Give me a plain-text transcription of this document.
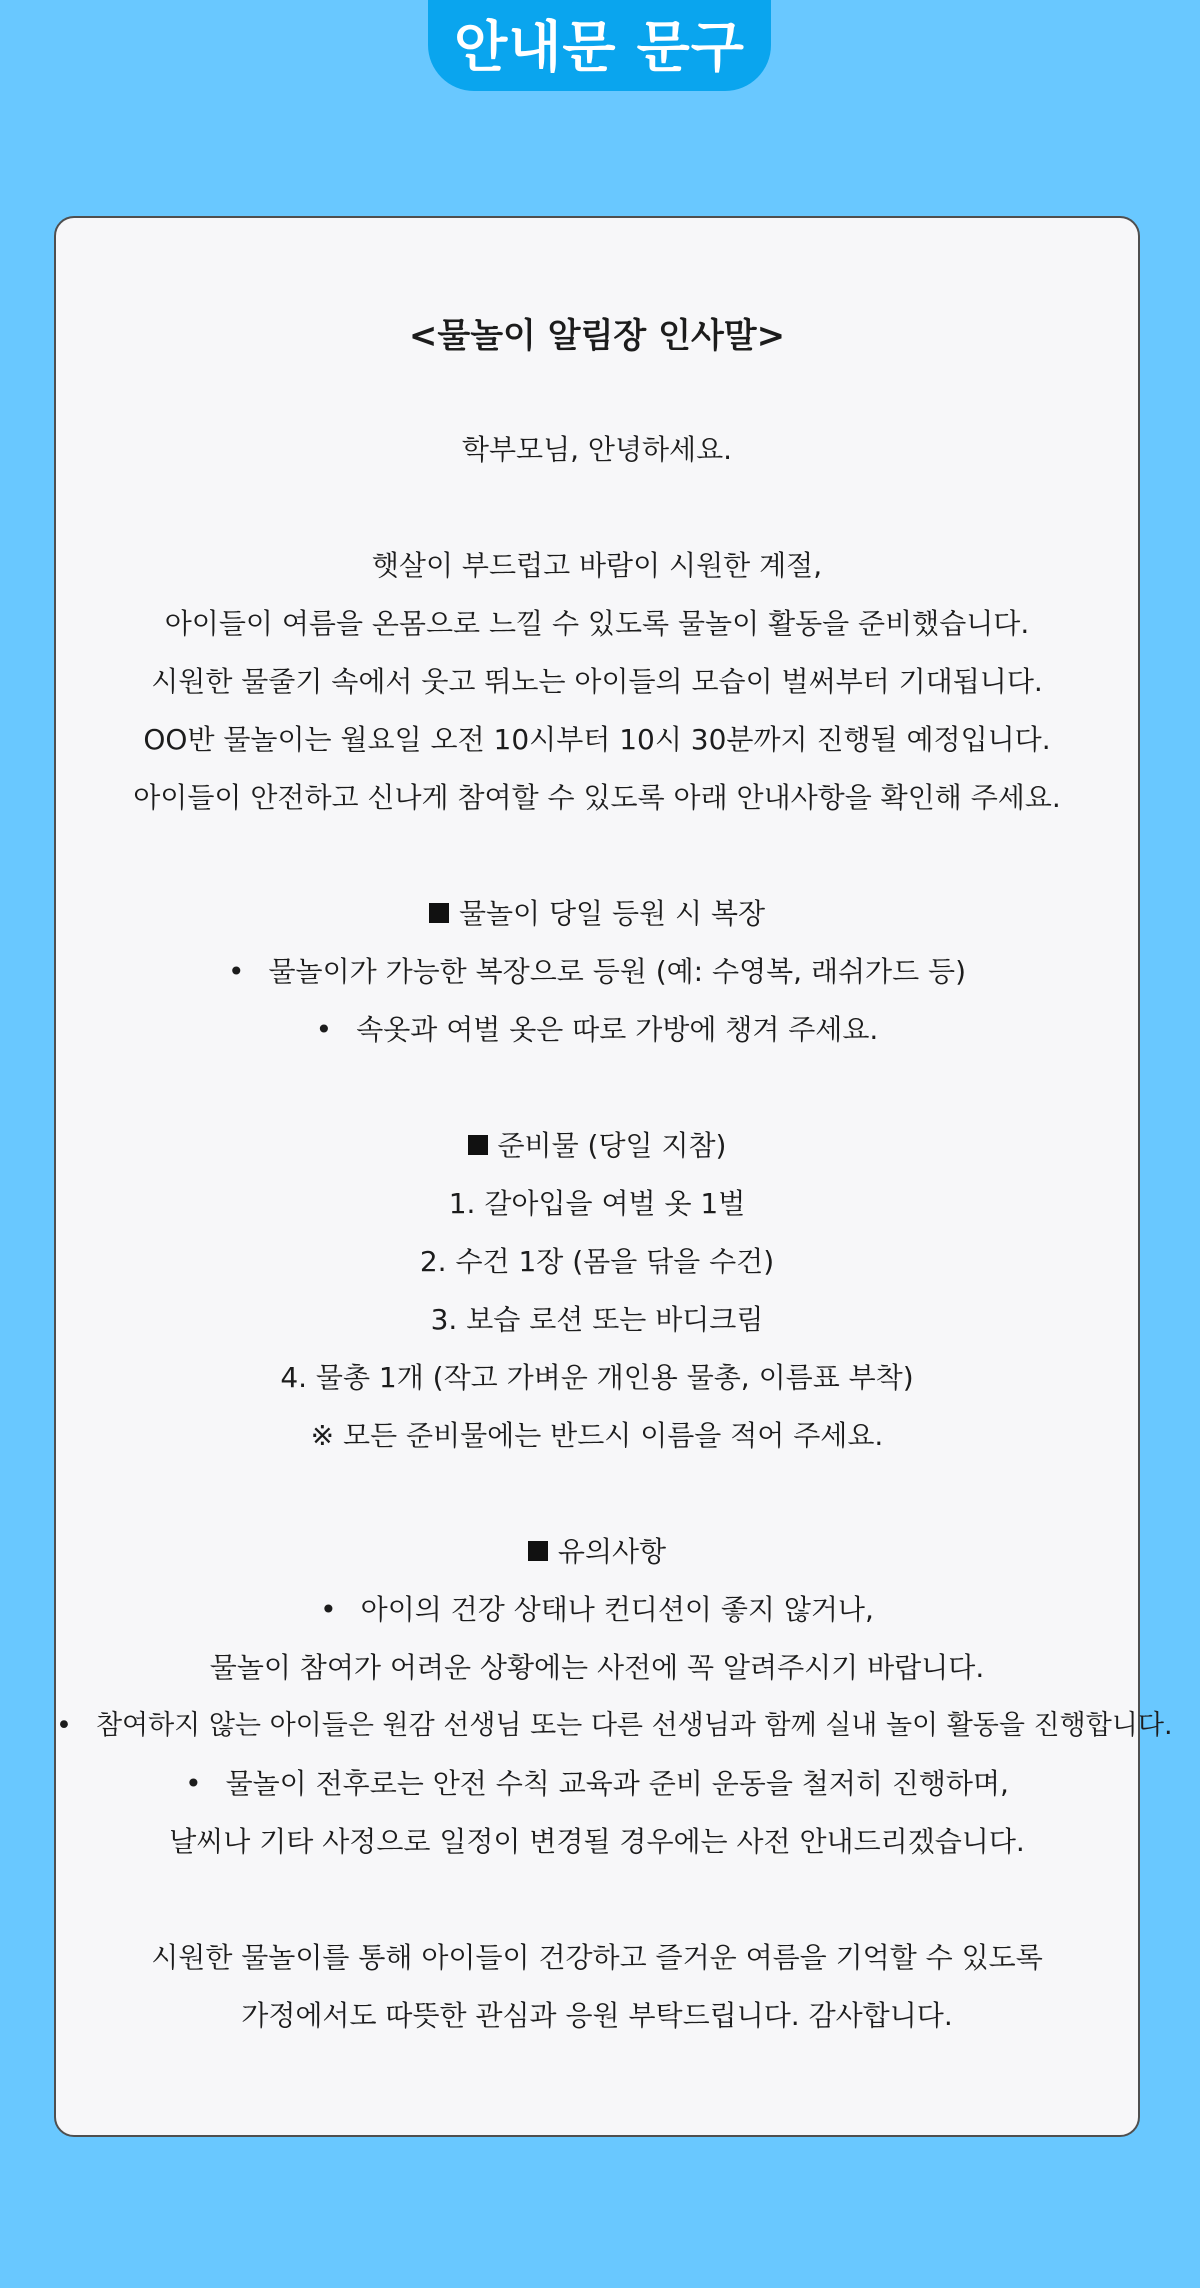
안내문 문구
<물놀이 알림장 인사말>
학부모님, 안녕하세요.
햇살이 부드럽고 바람이 시원한 계절,
아이들이 여름을 온몸으로 느낄 수 있도록 물놀이 활동을 준비했습니다.
시원한 물줄기 속에서 웃고 뛰노는 아이들의 모습이 벌써부터 기대됩니다.
OO반 물놀이는 월요일 오전 10시부터 10시 30분까지 진행될 예정입니다.
아이들이 안전하고 신나게 참여할 수 있도록 아래 안내사항을 확인해 주세요.
물놀이 당일 등원 시 복장
• 물놀이가 가능한 복장으로 등원 (예: 수영복, 래쉬가드 등)
• 속옷과 여벌 옷은 따로 가방에 챙겨 주세요.
준비물 (당일 지참)
1. 갈아입을 여벌 옷 1벌
2. 수건 1장 (몸을 닦을 수건)
3. 보습 로션 또는 바디크림
4. 물총 1개 (작고 가벼운 개인용 물총, 이름표 부착)
※ 모든 준비물에는 반드시 이름을 적어 주세요.
유의사항
• 아이의 건강 상태나 컨디션이 좋지 않거나,
물놀이 참여가 어려운 상황에는 사전에 꼭 알려주시기 바랍니다.
• 참여하지 않는 아이들은 원감 선생님 또는 다른 선생님과 함께 실내 놀이 활동을 진행합니다.
• 물놀이 전후로는 안전 수칙 교육과 준비 운동을 철저히 진행하며,
날씨나 기타 사정으로 일정이 변경될 경우에는 사전 안내드리겠습니다.
시원한 물놀이를 통해 아이들이 건강하고 즐거운 여름을 기억할 수 있도록
가정에서도 따뜻한 관심과 응원 부탁드립니다. 감사합니다.
